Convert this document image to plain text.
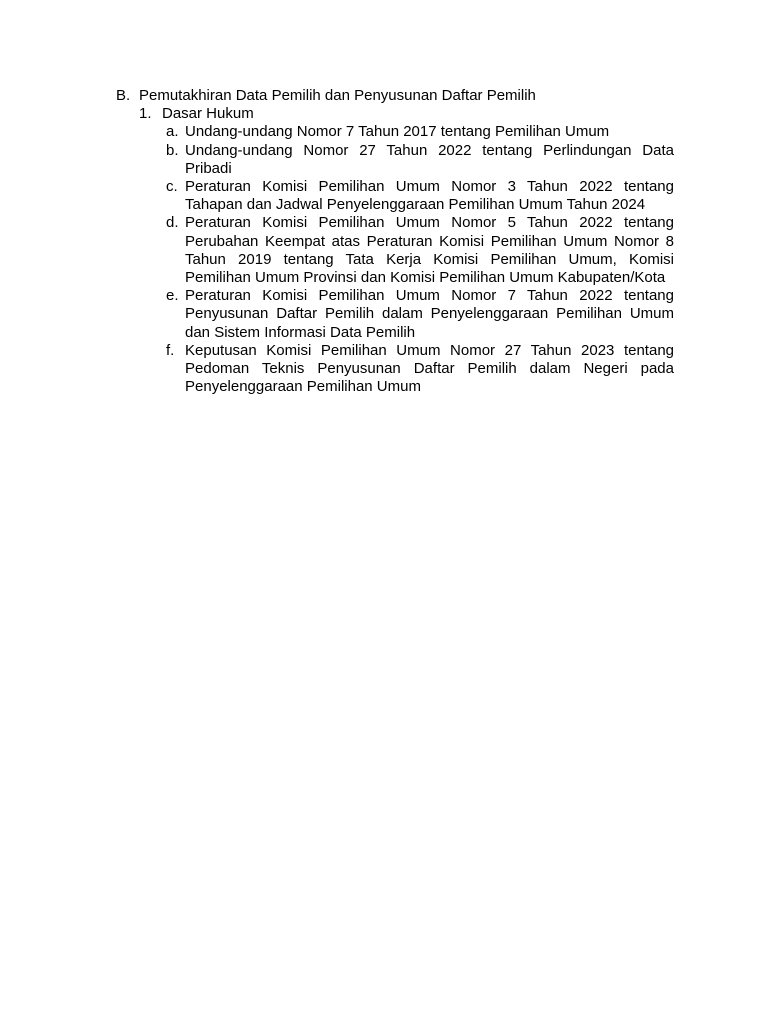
B. Pemutakhiran Data Pemilih dan Penyusunan Daftar Pemilih
1. Dasar Hukum
a. Undang-undang Nomor 7 Tahun 2017 tentang Pemilihan Umum
b. Undang-undang Nomor 27 Tahun 2022 tentang Perlindungan Data Pribadi
c. Peraturan Komisi Pemilihan Umum Nomor 3 Tahun 2022 tentang Tahapan dan Jadwal Penyelenggaraan Pemilihan Umum Tahun 2024
d. Peraturan Komisi Pemilihan Umum Nomor 5 Tahun 2022 tentang Perubahan Keempat atas Peraturan Komisi Pemilihan Umum Nomor 8 Tahun 2019 tentang Tata Kerja Komisi Pemilihan Umum, Komisi Pemilihan Umum Provinsi dan Komisi Pemilihan Umum Kabupaten/Kota
e. Peraturan Komisi Pemilihan Umum Nomor 7 Tahun 2022 tentang Penyusunan Daftar Pemilih dalam Penyelenggaraan Pemilihan Umum dan Sistem Informasi Data Pemilih
f. Keputusan Komisi Pemilihan Umum Nomor 27 Tahun 2023 tentang Pedoman Teknis Penyusunan Daftar Pemilih dalam Negeri pada Penyelenggaraan Pemilihan Umum
